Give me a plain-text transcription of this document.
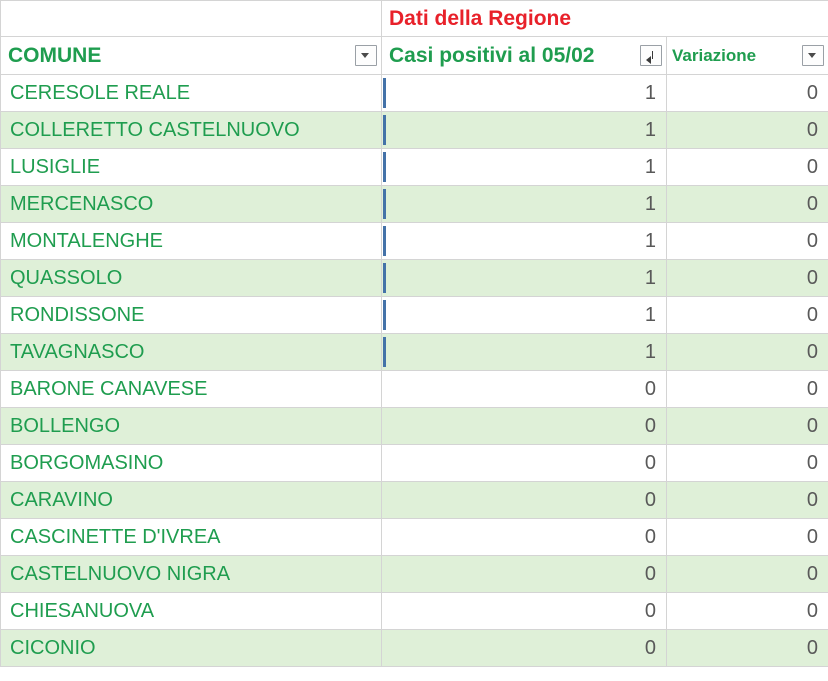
	Dati della Regione	

COMUNE	Casi positivi al 05/02	Variazione

CERESOLE REALE	1	0
COLLERETTO CASTELNUOVO	1	0
LUSIGLIE	1	0
MERCENASCO	1	0
MONTALENGHE	1	0
QUASSOLO	1	0
RONDISSONE	1	0
TAVAGNASCO	1	0
BARONE CANAVESE	0	0
BOLLENGO	0	0
BORGOMASINO	0	0
CARAVINO	0	0
CASCINETTE D'IVREA	0	0
CASTELNUOVO NIGRA	0	0
CHIESANUOVA	0	0
CICONIO	0	0
